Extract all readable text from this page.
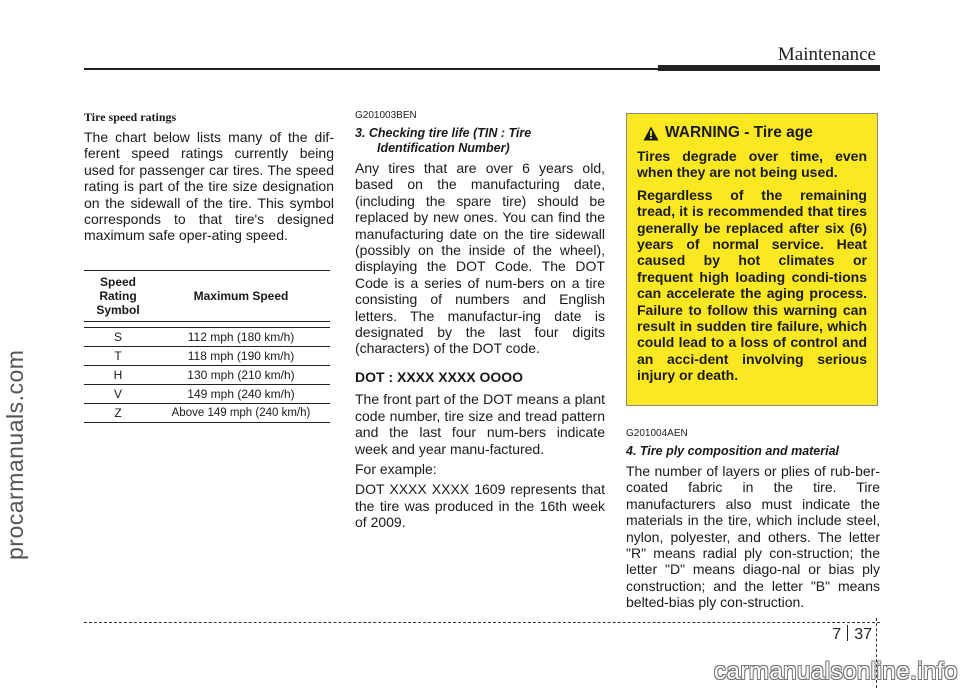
Maintenance
procarmanuals.com
Tire speed ratings

The chart below lists many of the dif-ferent speed ratings currently being used for passenger car tires. The speed rating is part of the tire size designation on the sidewall of the tire. This symbol corresponds to that tire's designed maximum safe oper-ating speed.

Speed Rating Symbol	Maximum Speed

S	112 mph (180 km/h)
T	118 mph (190 km/h)
H	130 mph (210 km/h)
V	149 mph (240 km/h)
Z	Above 149 mph (240 km/h)
G201003BEN
3. Checking tire life (TIN : Tire
Identification Number)

Any tires that are over 6 years old, based on the manufacturing date, (including the spare tire) should be replaced by new ones. You can find the manufacturing date on the tire sidewall (possibly on the inside of the wheel), displaying the DOT Code. The DOT Code is a series of num-bers on a tire consisting of numbers and English letters. The manufactur-ing date is designated by the last four digits (characters) of the DOT code.

DOT : XXXX XXXX OOOO

The front part of the DOT means a plant code number, tire size and tread pattern and the last four num-bers indicate week and year manu-factured.

For example:

DOT XXXX XXXX 1609 represents that the tire was produced in the 16th week of 2009.

WARNING - Tire age

Tires degrade over time, even when they are not being used.

Regardless of the remaining tread, it is recommended that tires generally be replaced after six (6) years of normal service. Heat caused by hot climates or frequent high loading condi-tions can accelerate the aging process. Failure to follow this warning can result in sudden tire failure, which could lead to a loss of control and an acci-dent involving serious injury or death.

G201004AEN
4. Tire ply composition and material

The number of layers or plies of rub-ber-coated fabric in the tire. Tire manufacturers also must indicate the materials in the tire, which include steel, nylon, polyester, and others. The letter "R" means radial ply con-struction; the letter "D" means diago-nal or bias ply construction; and the letter "B" means belted-bias ply con-struction.

7 37
carmanualsonline.info
